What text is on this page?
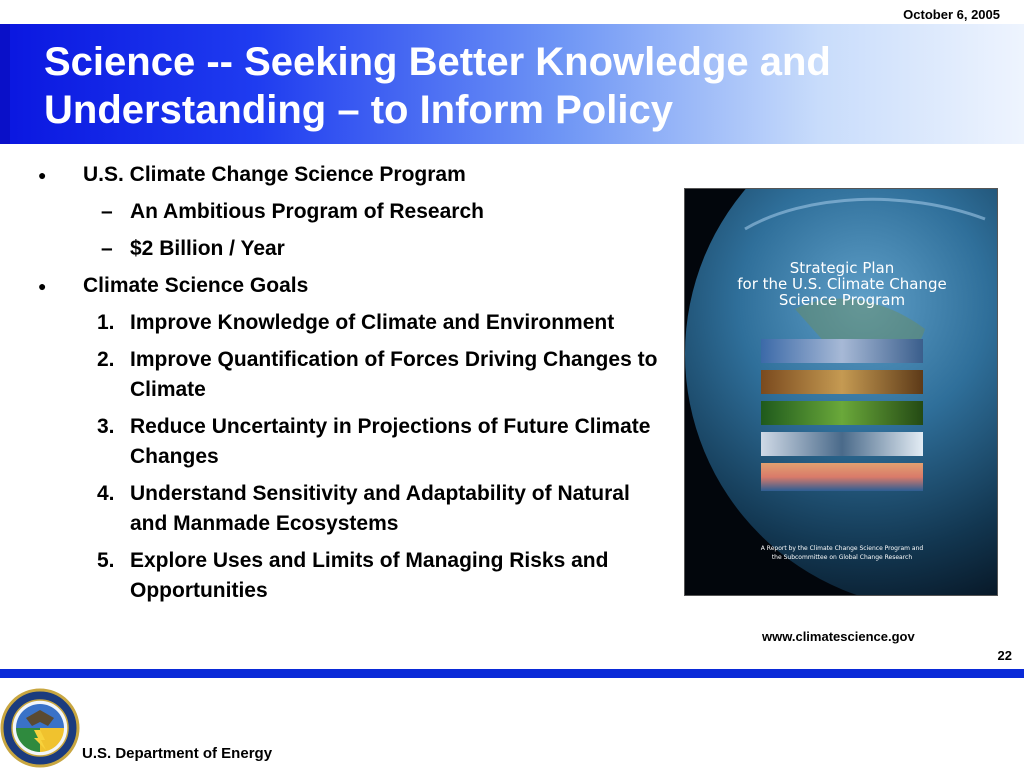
October 6, 2005
Science -- Seeking Better Knowledge and Understanding – to Inform Policy
● U.S. Climate Change Science Program
– An Ambitious Program of Research
– $2 Billion / Year
● Climate Science Goals
1. Improve Knowledge of Climate and Environment
2. Improve Quantification of Forces Driving Changes to Climate
3. Reduce Uncertainty in Projections of Future Climate Changes
4. Understand Sensitivity and Adaptability of Natural and Manmade Ecosystems
5. Explore Uses and Limits of Managing Risks and Opportunities
Strategic Plan
for the U.S. Climate Change
Science Program
A Report by the Climate Change Science Program and
the Subcommittee on Global Change Research
www.climatescience.gov
22
U.S. Department of Energy
